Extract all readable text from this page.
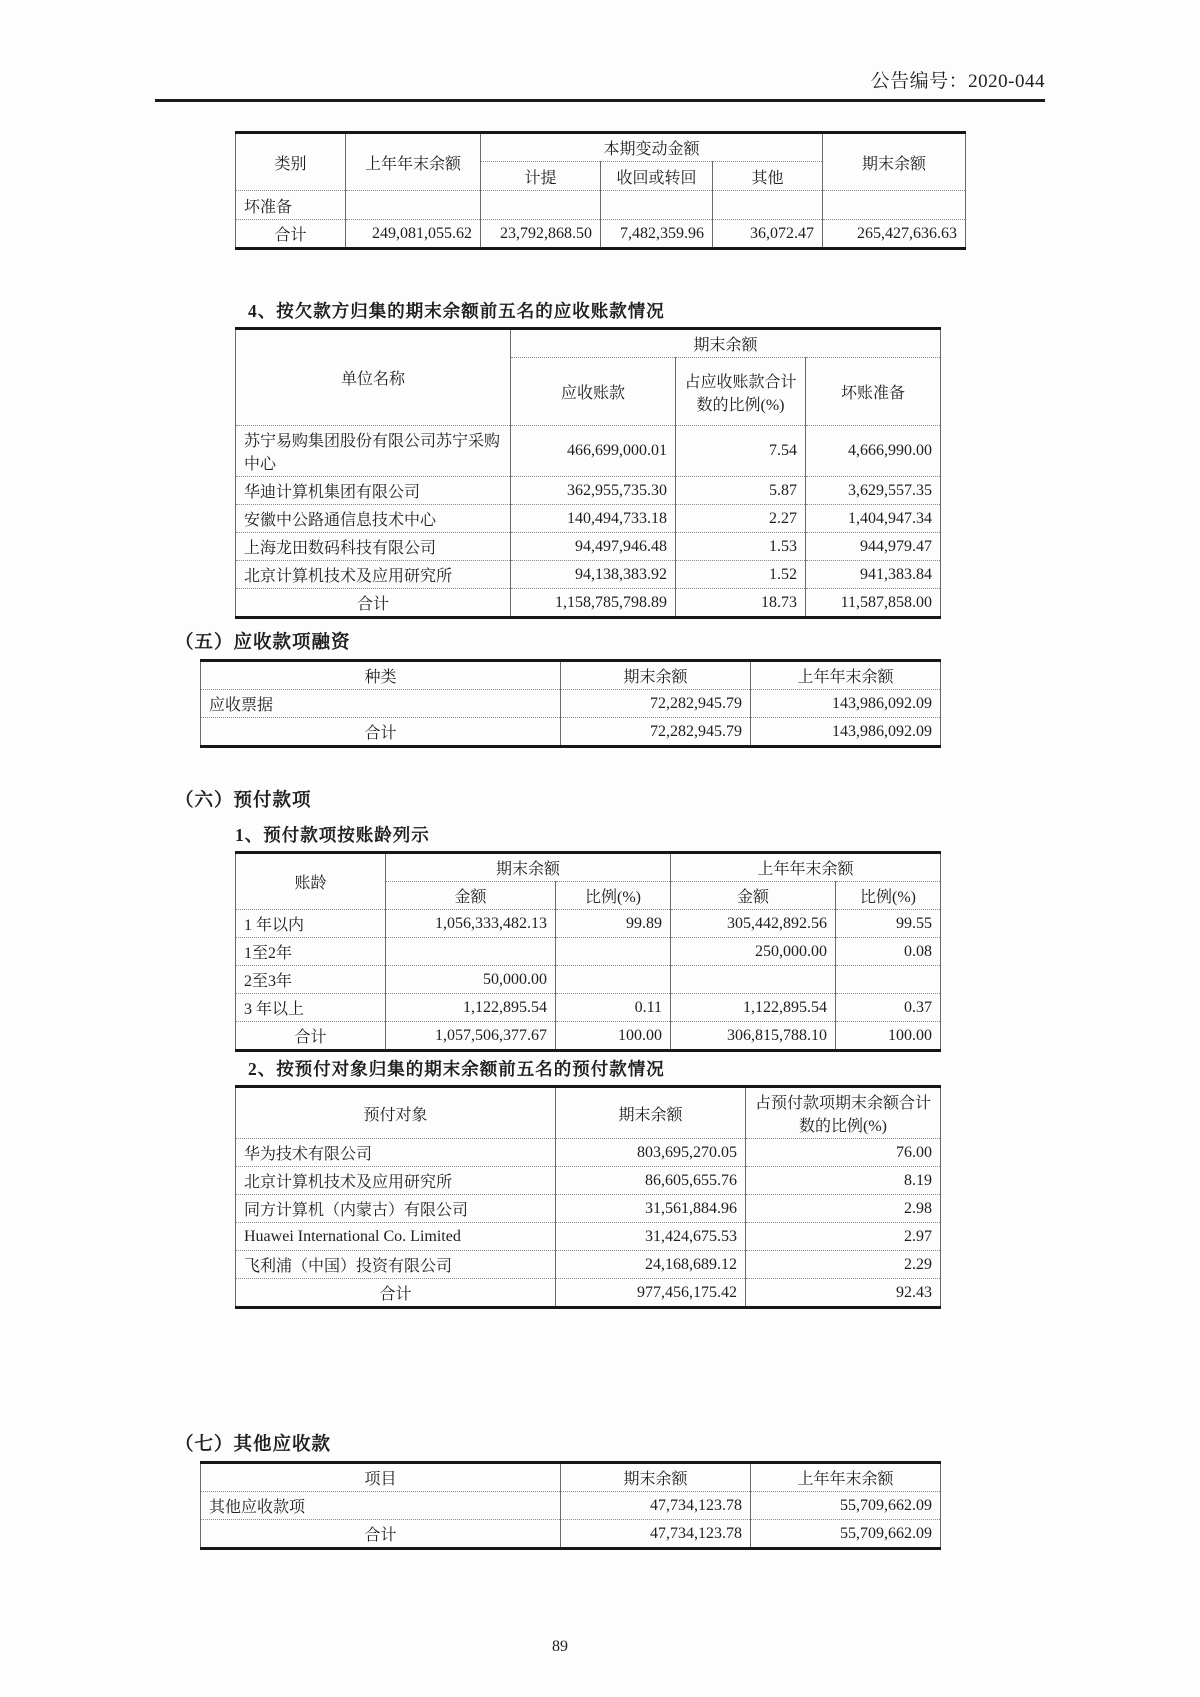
公告编号：2020-044
类别	上年年末余额	本期变动金额			期末余额
		计提	收回或转回	其他	
坏准备					
合计	249,081,055.62	23,792,868.50	7,482,359.96	36,072.47	265,427,636.63
4、按欠款方归集的期末余额前五名的应收账款情况
单位名称	期末余额		
	应收账款	占应收账款合计数的比例(%)	坏账准备
苏宁易购集团股份有限公司苏宁采购中心	466,699,000.01	7.54	4,666,990.00
华迪计算机集团有限公司	362,955,735.30	5.87	3,629,557.35
安徽中公路通信息技术中心	140,494,733.18	2.27	1,404,947.34
上海龙田数码科技有限公司	94,497,946.48	1.53	944,979.47
北京计算机技术及应用研究所	94,138,383.92	1.52	941,383.84
合计	1,158,785,798.89	18.73	11,587,858.00
（五）应收款项融资
种类	期末余额	上年年末余额
应收票据	72,282,945.79	143,986,092.09
合计	72,282,945.79	143,986,092.09
（六）预付款项
1、预付款项按账龄列示
账龄	期末余额		上年年末余额	
	金额	比例(%)	金额	比例(%)
1 年以内	1,056,333,482.13	99.89	305,442,892.56	99.55
1至2年			250,000.00	0.08
2至3年	50,000.00			
3 年以上	1,122,895.54	0.11	1,122,895.54	0.37
合计	1,057,506,377.67	100.00	306,815,788.10	100.00
2、按预付对象归集的期末余额前五名的预付款情况
预付对象	期末余额	占预付款项期末余额合计数的比例(%)
华为技术有限公司	803,695,270.05	76.00
北京计算机技术及应用研究所	86,605,655.76	8.19
同方计算机（内蒙古）有限公司	31,561,884.96	2.98
Huawei International Co. Limited	31,424,675.53	2.97
飞利浦（中国）投资有限公司	24,168,689.12	2.29
合计	977,456,175.42	92.43
（七）其他应收款
项目	期末余额	上年年末余额
其他应收款项	47,734,123.78	55,709,662.09
合计	47,734,123.78	55,709,662.09
89
